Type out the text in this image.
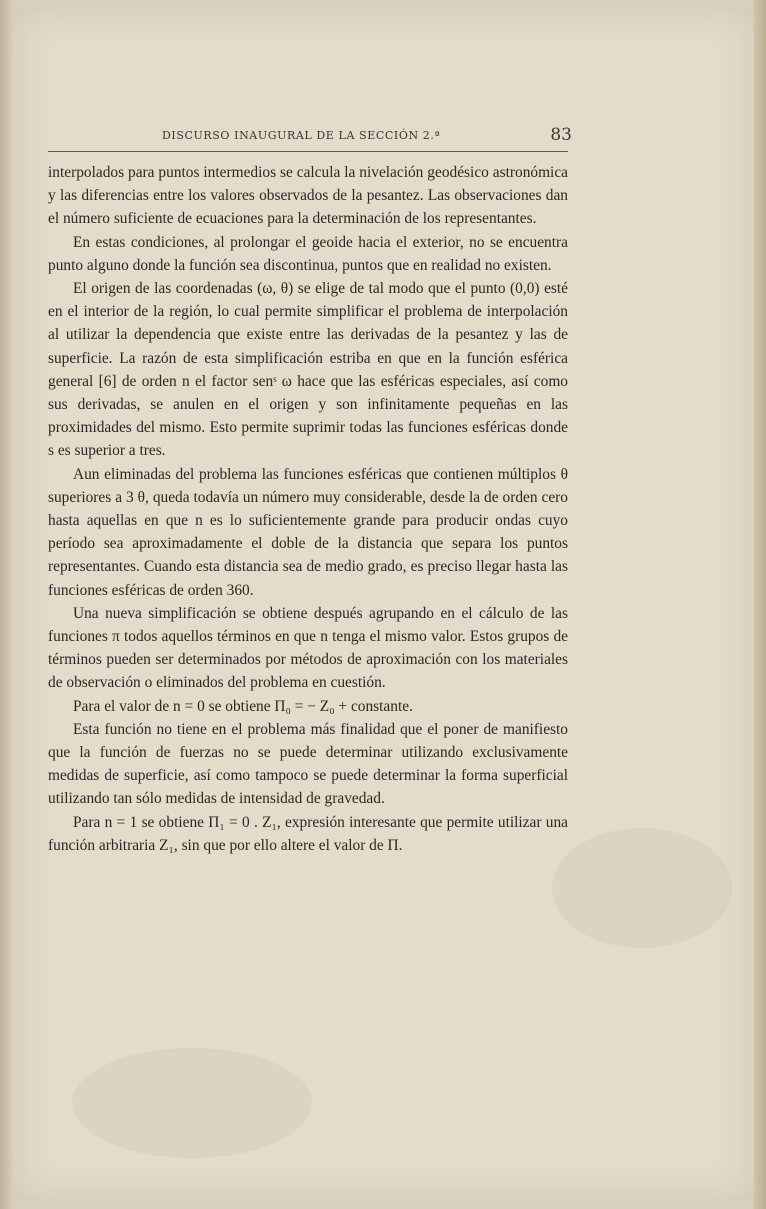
DISCURSO INAUGURAL DE LA SECCIÓN 2.ª	83

interpolados para puntos intermedios se calcula la nivelación geodésico astronómica y las diferencias entre los valores observados de la pesantez. Las observaciones dan el número suficiente de ecuaciones para la determinación de los representantes.

En estas condiciones, al prolongar el geoide hacia el exterior, no se encuentra punto alguno donde la función sea discontinua, puntos que en realidad no existen.

El origen de las coordenadas (ω, θ) se elige de tal modo que el punto (0,0) esté en el interior de la región, lo cual permite simplificar el problema de interpolación al utilizar la dependencia que existe entre las derivadas de la pesantez y las de superficie. La razón de esta simplificación estriba en que en la función esférica general [6] de orden n el factor senˢ ω hace que las esféricas especiales, así como sus derivadas, se anulen en el origen y son infinitamente pequeñas en las proximidades del mismo. Esto permite suprimir todas las funciones esféricas donde s es superior a tres.

Aun eliminadas del problema las funciones esféricas que contienen múltiplos θ superiores a 3 θ, queda todavía un número muy considerable, desde la de orden cero hasta aquellas en que n es lo suficientemente grande para producir ondas cuyo período sea aproximadamente el doble de la distancia que separa los puntos representantes. Cuando esta distancia sea de medio grado, es preciso llegar hasta las funciones esféricas de orden 360.

Una nueva simplificación se obtiene después agrupando en el cálculo de las funciones π todos aquellos términos en que n tenga el mismo valor. Estos grupos de términos pueden ser determinados por métodos de aproximación con los materiales de observación o eliminados del problema en cuestión.

Para el valor de n = 0 se obtiene Π₀ = − Z₀ + constante.

Esta función no tiene en el problema más finalidad que el poner de manifiesto que la función de fuerzas no se puede determinar utilizando exclusivamente medidas de superficie, así como tampoco se puede determinar la forma superficial utilizando tan sólo medidas de intensidad de gravedad.

Para n = 1 se obtiene Π₁ = 0 . Z₁, expresión interesante que permite utilizar una función arbitraria Z₁, sin que por ello altere el valor de Π.
